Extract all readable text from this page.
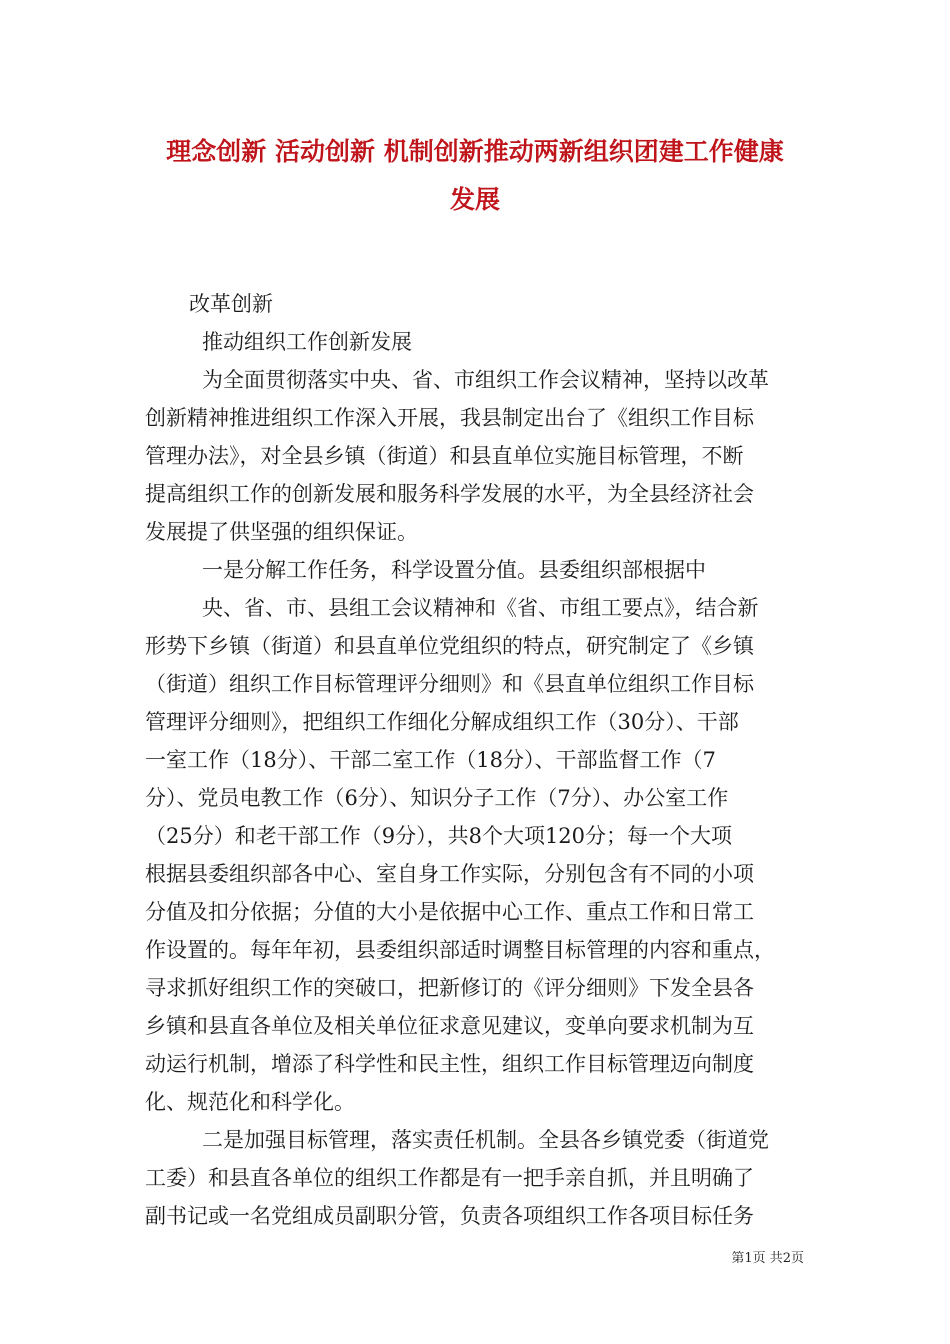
理念创新 活动创新 机制创新推动两新组织团建工作健康
发展
改革创新
推动组织工作创新发展
为全面贯彻落实中央、省、市组织工作会议精神，坚持以改革
创新精神推进组织工作深入开展，我县制定出台了《组织工作目标
管理办法》，对全县乡镇（街道）和县直单位实施目标管理，不断
提高组织工作的创新发展和服务科学发展的水平，为全县经济社会
发展提了供坚强的组织保证。
一是分解工作任务，科学设置分值。县委组织部根据中
央、省、市、县组工会议精神和《省、市组工要点》，结合新
形势下乡镇（街道）和县直单位党组织的特点，研究制定了《乡镇
（街道）组织工作目标管理评分细则》和《县直单位组织工作目标
管理评分细则》，把组织工作细化分解成组织工作（30分）、干部
一室工作（18分）、干部二室工作（18分）、干部监督工作（7
分）、党员电教工作（6分）、知识分子工作（7分）、办公室工作
（25分）和老干部工作（9分），共8个大项120分；每一个大项
根据县委组织部各中心、室自身工作实际，分别包含有不同的小项
分值及扣分依据；分值的大小是依据中心工作、重点工作和日常工
作设置的。每年年初，县委组织部适时调整目标管理的内容和重点，
寻求抓好组织工作的突破口，把新修订的《评分细则》下发全县各
乡镇和县直各单位及相关单位征求意见建议，变单向要求机制为互
动运行机制，增添了科学性和民主性，组织工作目标管理迈向制度
化、规范化和科学化。
二是加强目标管理，落实责任机制。全县各乡镇党委（街道党
工委）和县直各单位的组织工作都是有一把手亲自抓，并且明确了
副书记或一名党组成员副职分管，负责各项组织工作各项目标任务
第1页 共2页
